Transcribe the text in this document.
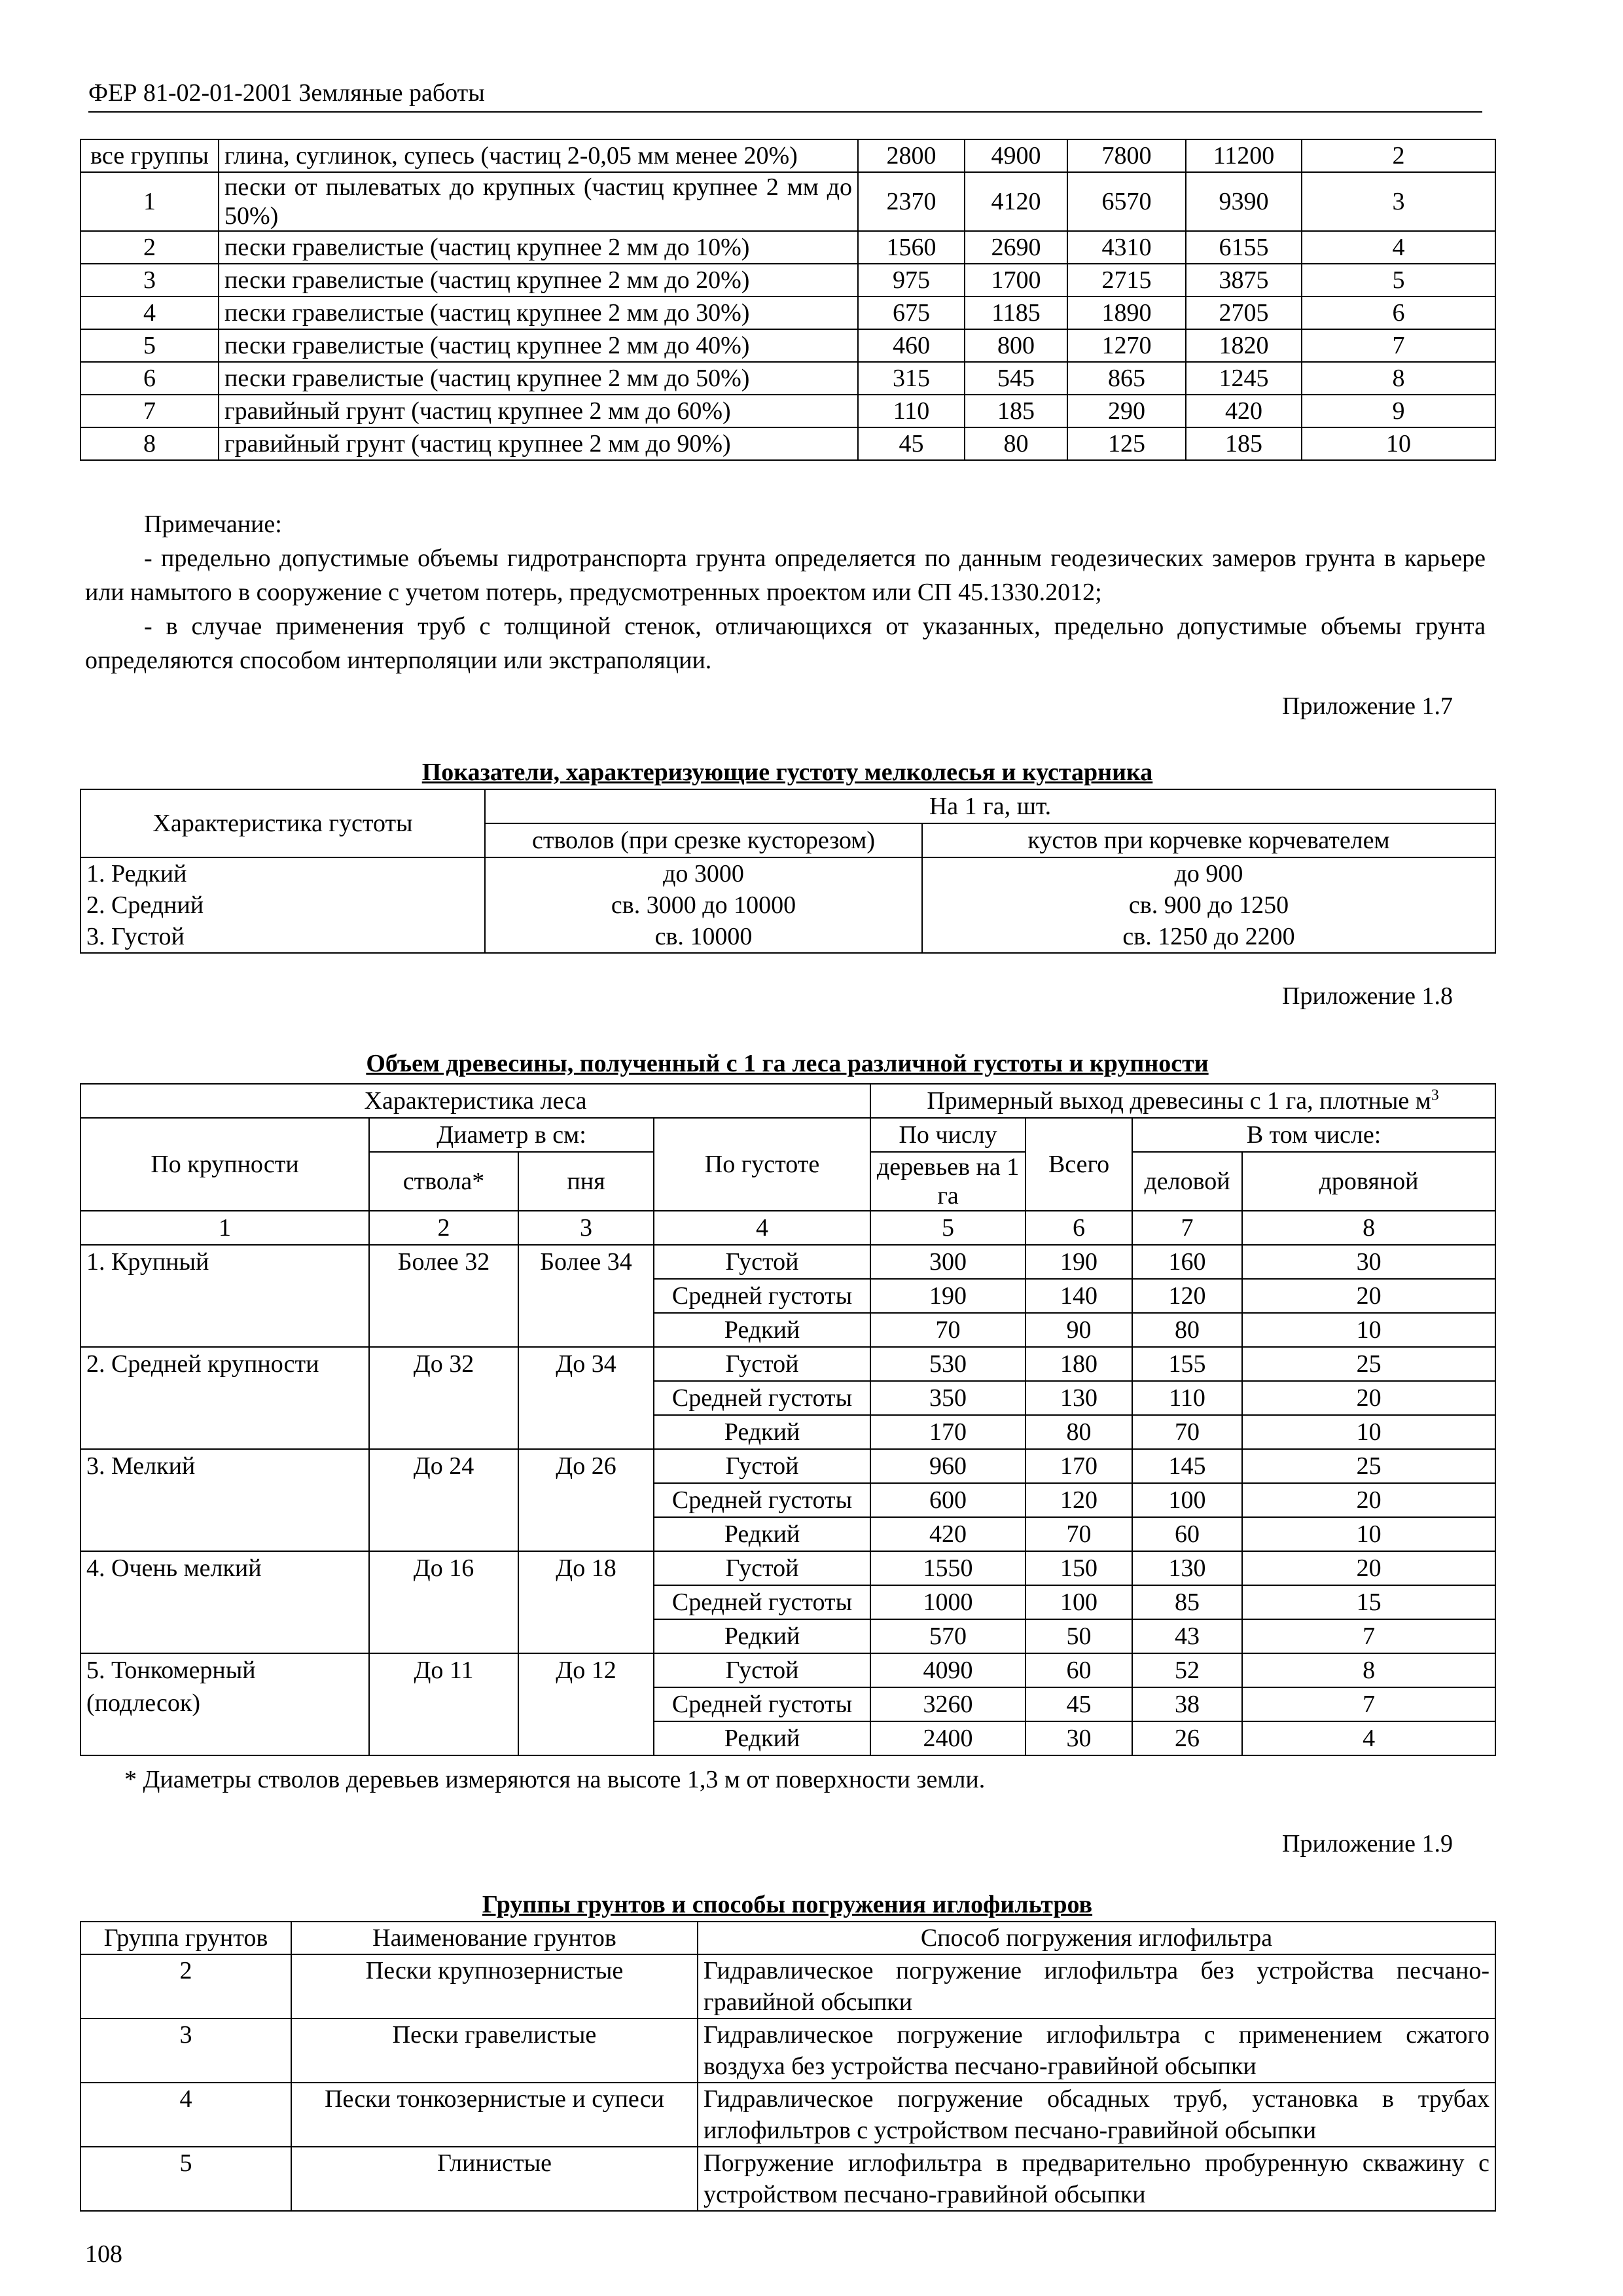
ФЕР 81-02-01-2001 Земляные работы
все группы	глина, суглинок, супесь (частиц 2-0,05 мм менее 20%)	2800	4900	7800	11200	2
1	пески от пылеватых до крупных (частиц крупнее 2 мм до 50%)	2370	4120	6570	9390	3
2	пески гравелистые (частиц крупнее 2 мм до 10%)	1560	2690	4310	6155	4
3	пески гравелистые (частиц крупнее 2 мм до 20%)	975	1700	2715	3875	5
4	пески гравелистые (частиц крупнее 2 мм до 30%)	675	1185	1890	2705	6
5	пески гравелистые (частиц крупнее 2 мм до 40%)	460	800	1270	1820	7
6	пески гравелистые (частиц крупнее 2 мм до 50%)	315	545	865	1245	8
7	гравийный грунт (частиц крупнее 2 мм до 60%)	110	185	290	420	9
8	гравийный грунт (частиц крупнее 2 мм до 90%)	45	80	125	185	10

Примечание:

- предельно допустимые объемы гидротранспорта грунта определяется по данным геодезических замеров грунта в карьере или намытого в сооружение с учетом потерь, предусмотренных проектом или СП 45.1330.2012;

- в случае применения труб с толщиной стенок, отличающихся от указанных, предельно допустимые объемы грунта определяются способом интерполяции или экстраполяции.

Приложение 1.7
Показатели, характеризующие густоту мелколесья и кустарника
Характеристика густоты	На 1 га, шт.	
	стволов (при срезке кусторезом)	кустов при корчевке корчевателем
1. Редкий	до 3000	до 900
2. Средний	св. 3000 до 10000	св. 900 до 1250
3. Густой	св. 10000	св. 1250 до 2200
Приложение 1.8
Объем древесины, полученный с 1 га леса различной густоты и крупности
Характеристика леса				Примерный выход древесины с 1 га, плотные $м^3$
По крупности	Диаметр в см:		По густоте	По числу	Всего	В том числе:	
	ствола*	пня		деревьев на 1 га		деловой	дровяной
1	2	3	4	5	6	7	8
1. Крупный	Более 32	Более 34	Густой	300	190	160	30
			Средней густоты	190	140	120	20
			Редкий	70	90	80	10
2. Средней крупности	До 32	До 34	Густой	530	180	155	25
			Средней густоты	350	130	110	20
			Редкий	170	80	70	10
3. Мелкий	До 24	До 26	Густой	960	170	145	25
			Средней густоты	600	120	100	20
			Редкий	420	70	60	10
4. Очень мелкий	До 16	До 18	Густой	1550	150	130	20
			Средней густоты	1000	100	85	15
			Редкий	570	50	43	7
5. Тонкомерный (подлесок)	До 11	До 12	Густой	4090	60	52	8
			Средней густоты	3260	45	38	7
			Редкий	2400	30	26	4
* Диаметры стволов деревьев измеряются на высоте 1,3 м от поверхности земли.
Приложение 1.9
Группы грунтов и способы погружения иглофильтров
Группа грунтов	Наименование грунтов	Способ погружения иглофильтра
2	Пески крупнозернистые	Гидравлическое погружение иглофильтра без устройства песчано-гравийной обсыпки
3	Пески гравелистые	Гидравлическое погружение иглофильтра с применением сжатого воздуха без устройства песчано-гравийной обсыпки
4	Пески тонкозернистые и супеси	Гидравлическое погружение обсадных труб, установка в трубах иглофильтров с устройством песчано-гравийной обсыпки
5	Глинистые	Погружение иглофильтра в предварительно пробуренную скважину с устройством песчано-гравийной обсыпки
108
